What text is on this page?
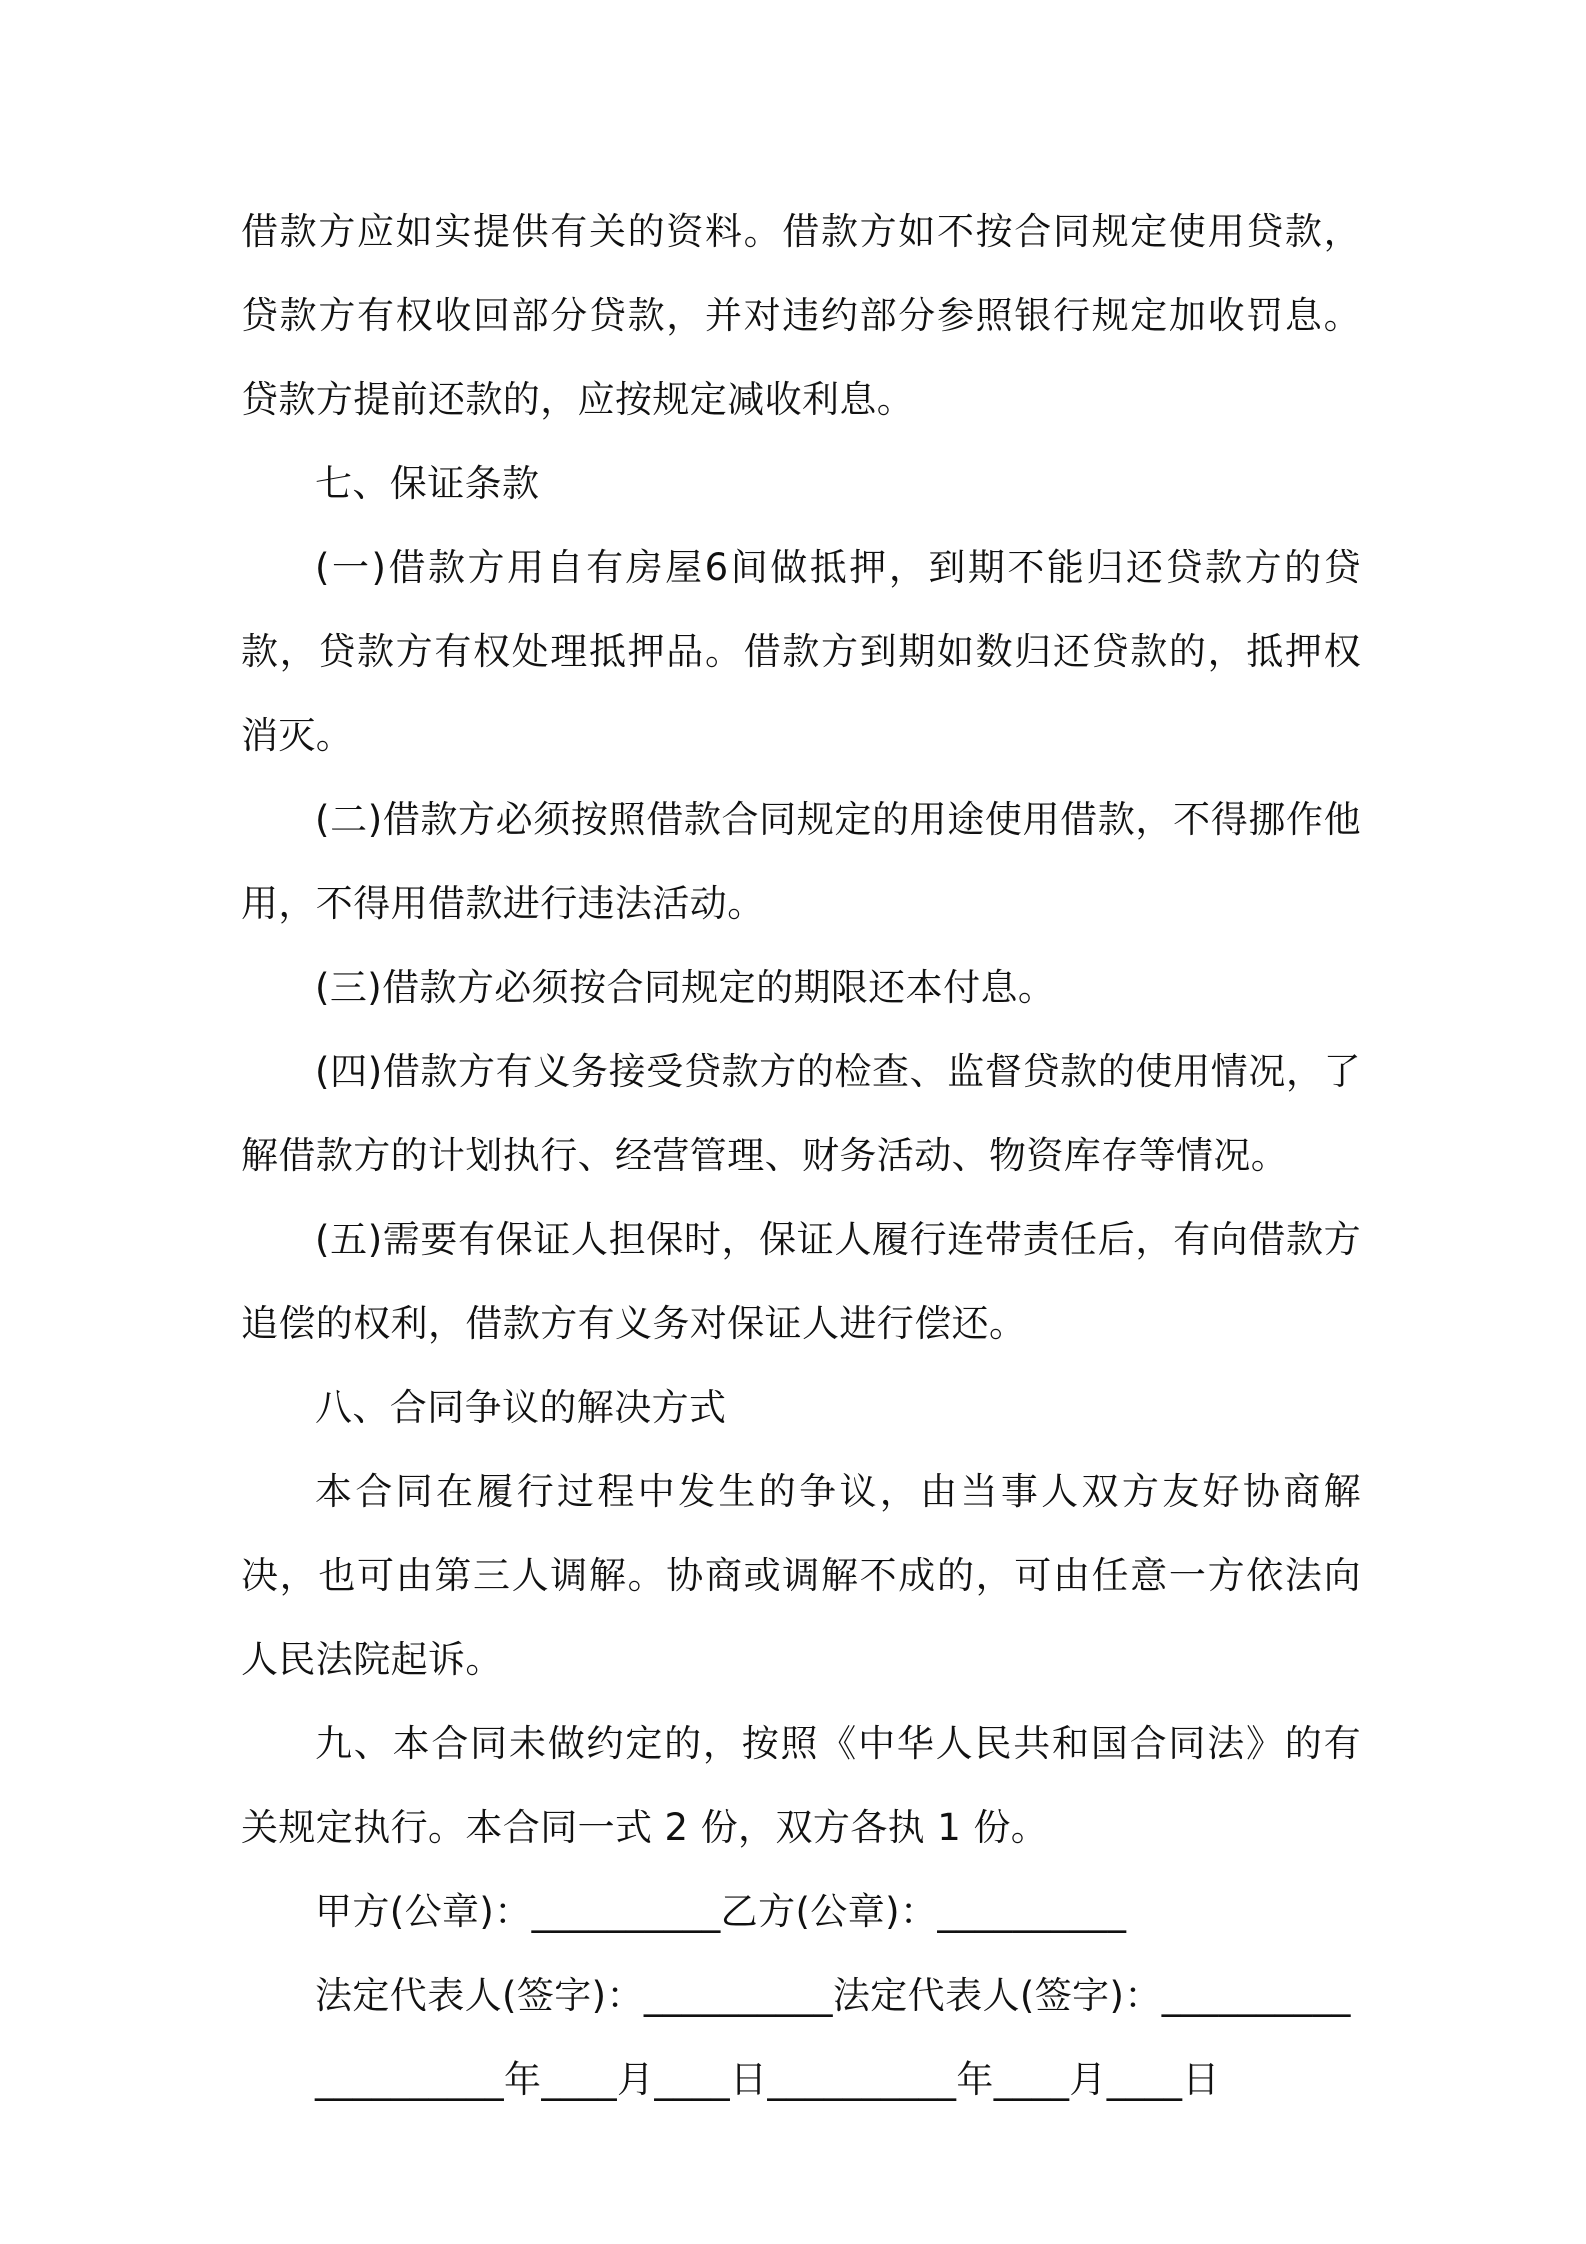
借款方应如实提供有关的资料。借款方如不按合同规定使用贷款，贷款方有权收回部分贷款，并对违约部分参照银行规定加收罚息。贷款方提前还款的，应按规定减收利息。

七、保证条款

(一)借款方用自有房屋6间做抵押，到期不能归还贷款方的贷款，贷款方有权处理抵押品。借款方到期如数归还贷款的，抵押权消灭。

(二)借款方必须按照借款合同规定的用途使用借款，不得挪作他用，不得用借款进行违法活动。

(三)借款方必须按合同规定的期限还本付息。

(四)借款方有义务接受贷款方的检查、监督贷款的使用情况，了解借款方的计划执行、经营管理、财务活动、物资库存等情况。

(五)需要有保证人担保时，保证人履行连带责任后，有向借款方追偿的权利，借款方有义务对保证人进行偿还。

八、合同争议的解决方式

本合同在履行过程中发生的争议，由当事人双方友好协商解决，也可由第三人调解。协商或调解不成的，可由任意一方依法向人民法院起诉。

九、本合同未做约定的，按照《中华人民共和国合同法》的有关规定执行。本合同一式 2 份，双方各执 1 份。

甲方(公章)：__________乙方(公章)：__________
法定代表人(签字)：__________法定代表人(签字)：__________
__________年____月____日__________年____月____日
